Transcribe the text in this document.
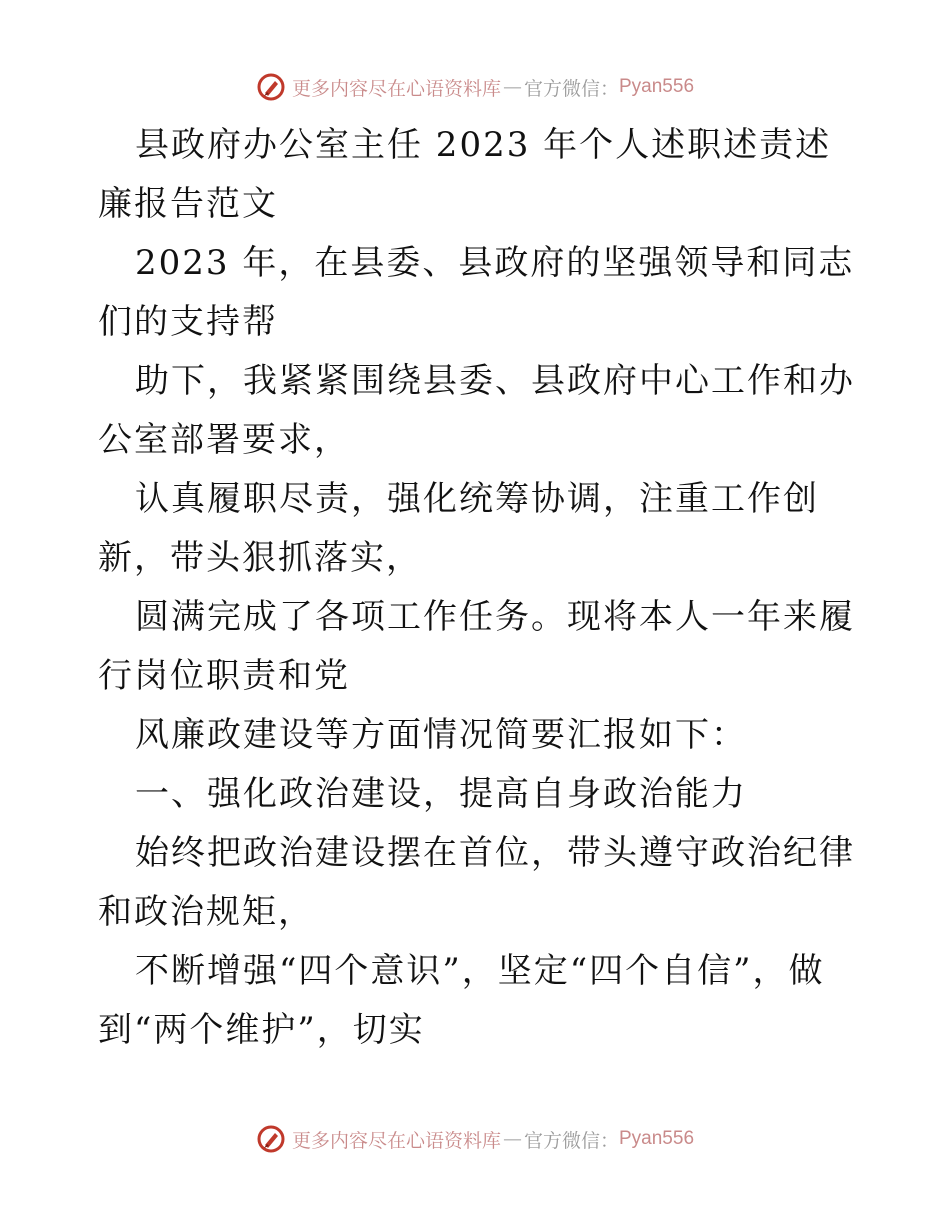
更多内容尽在心语资料库 — 官方微信： Pyan556

县政府办公室主任 2023 年个人述职述责述廉报告范文

2023 年，在县委、县政府的坚强领导和同志们的支持帮

助下，我紧紧围绕县委、县政府中心工作和办公室部署要求，

认真履职尽责，强化统筹协调，注重工作创新，带头狠抓落实，

圆满完成了各项工作任务。现将本人一年来履行岗位职责和党

风廉政建设等方面情况简要汇报如下：

一、强化政治建设，提高自身政治能力

始终把政治建设摆在首位，带头遵守政治纪律和政治规矩，

不断增强“四个意识”，坚定“四个自信”，做到“两个维护”，切实

更多内容尽在心语资料库 — 官方微信： Pyan556
